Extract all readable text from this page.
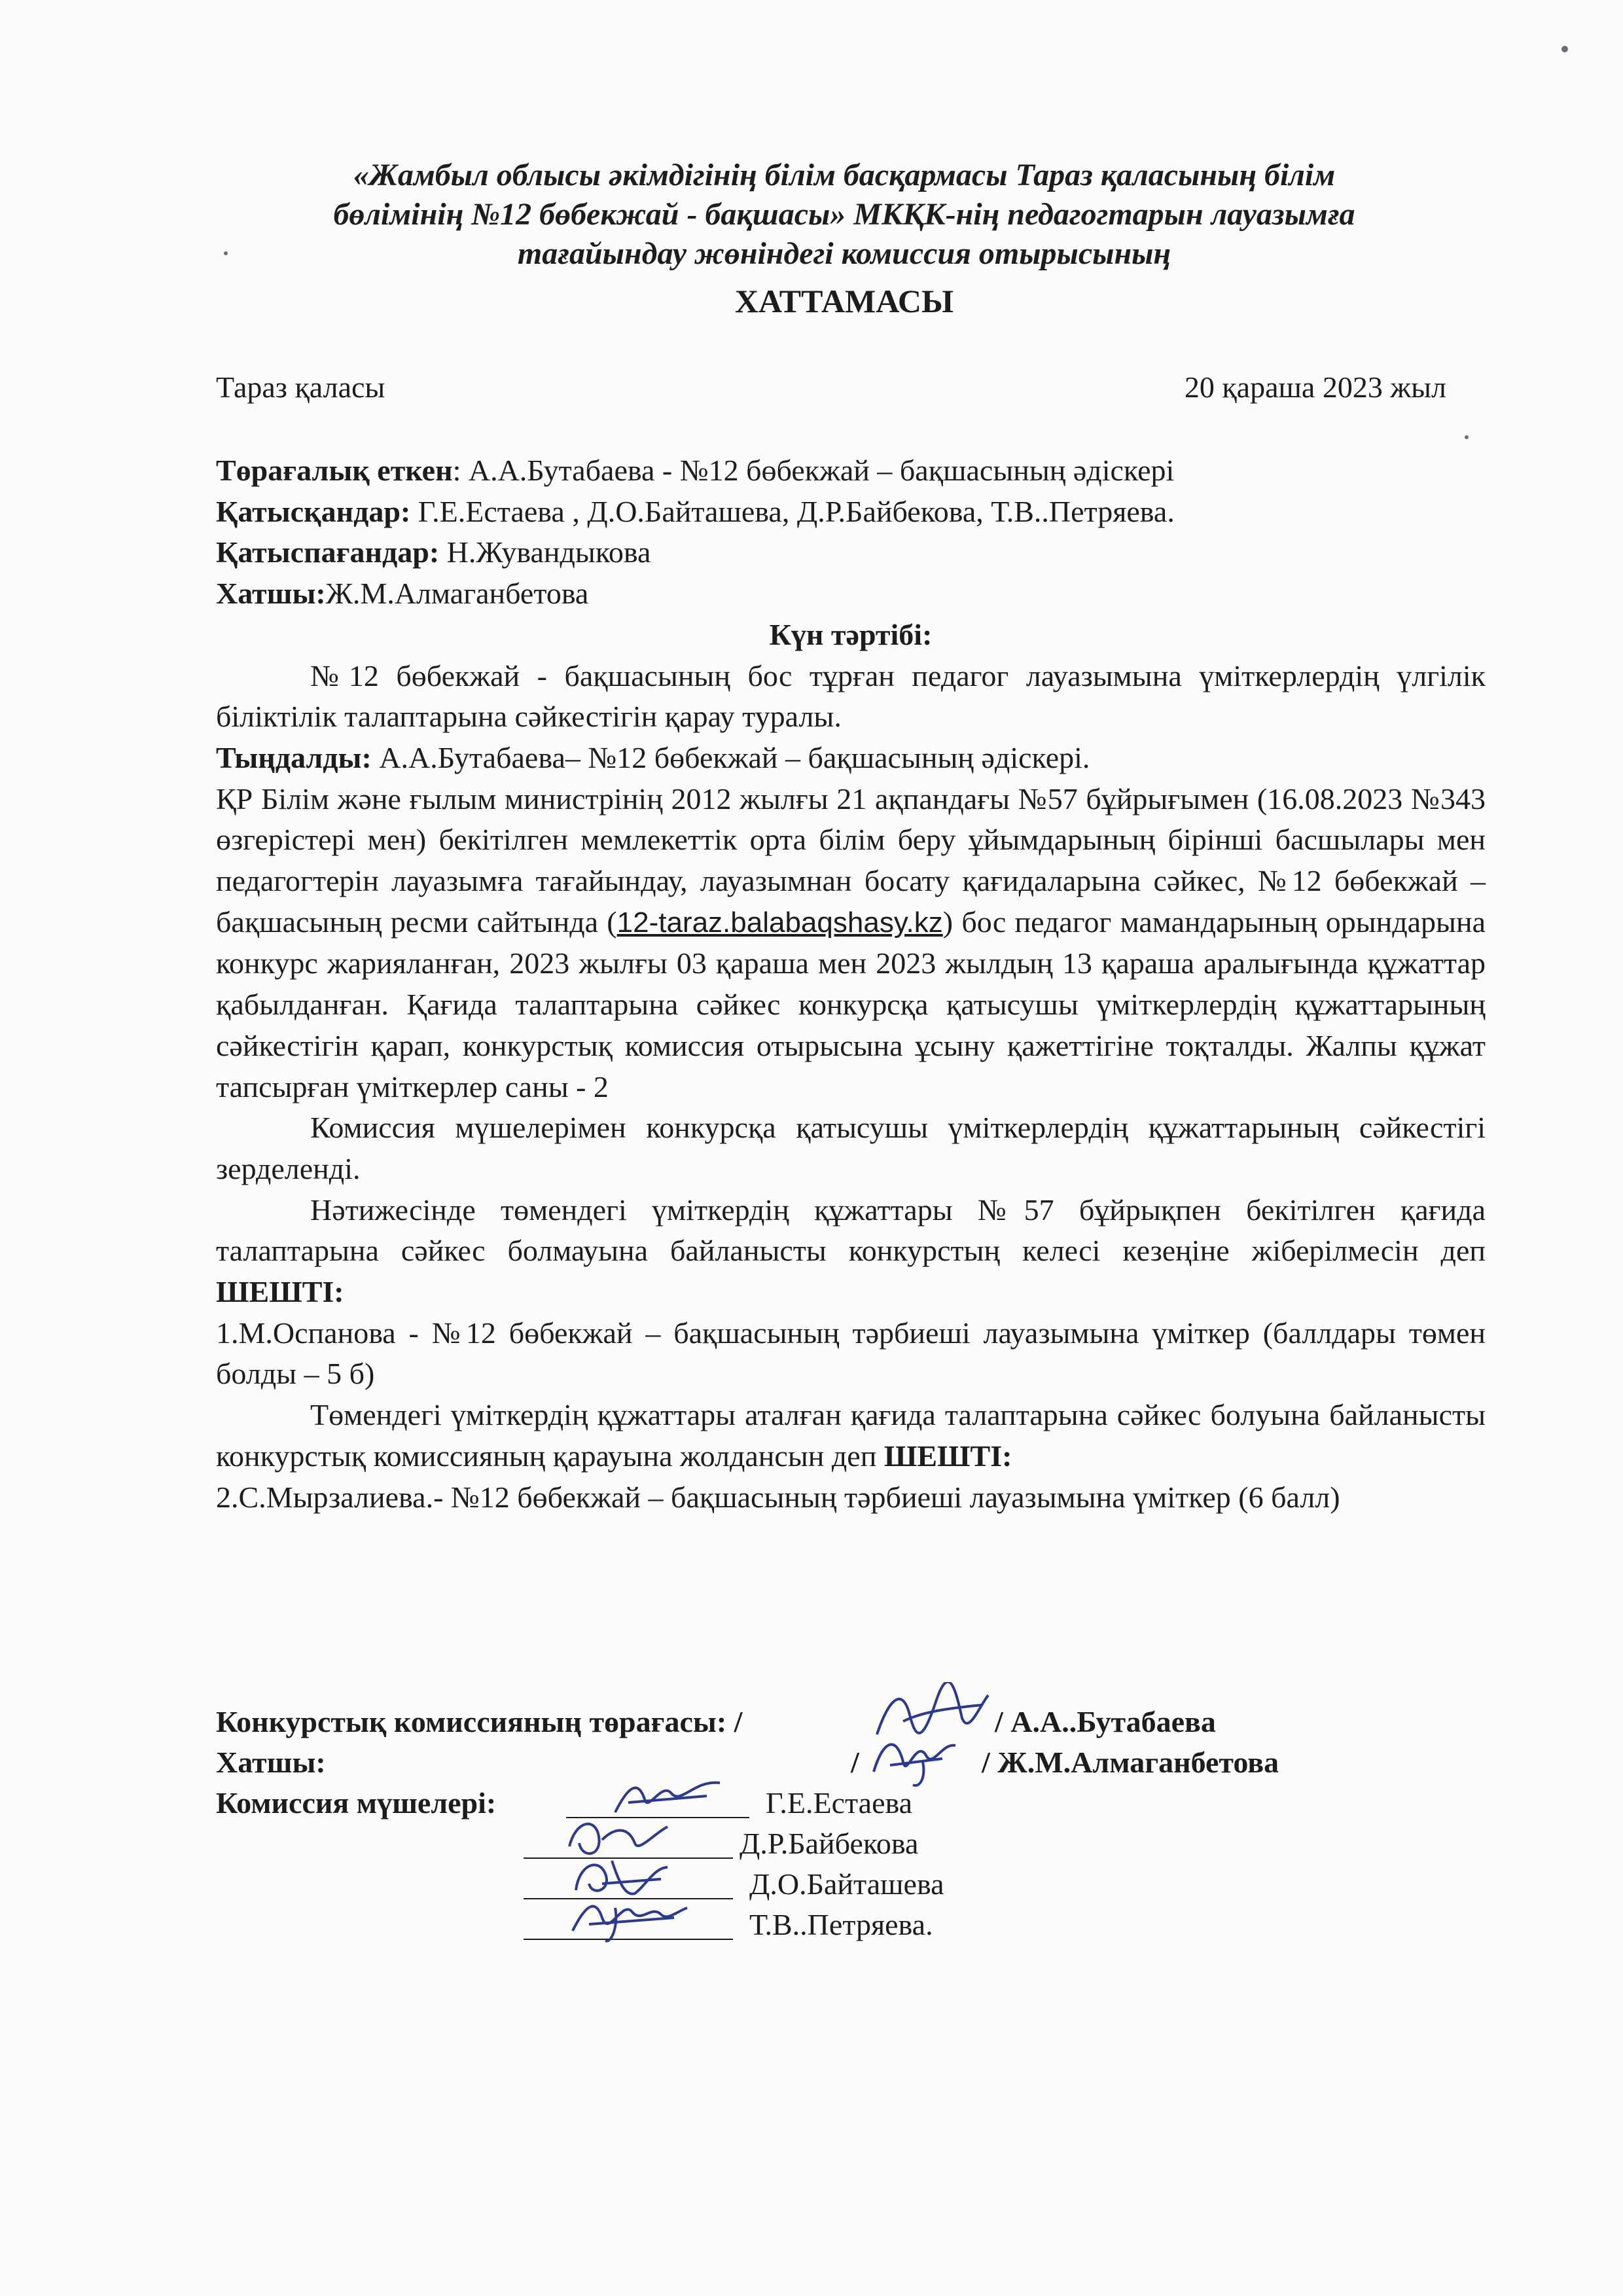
«Жамбыл облысы әкімдігінің білім басқармасы Тараз қаласының білім
бөлімінің №12 бөбекжай - бақшасы» МКҚК-нің педагогтарын лауазымға
тағайындау жөніндегі комиссия отырысының
ХАТТАМАСЫ
Тараз қаласы	20 қараша 2023 жыл

Төрағалық еткен: А.А.Бутабаева - №12 бөбекжай – бақшасының әдіскері

Қатысқандар: Г.Е.Естаева , Д.О.Байташева, Д.Р.Байбекова, Т.В..Петряева.

Қатыспағандар: Н.Жувандыкова

Хатшы:Ж.М.Алмаганбетова

Күн тәртібі:

№12 бөбекжай - бақшасының бос тұрған педагог лауазымына үміткерлердің үлгілік біліктілік талаптарына сәйкестігін қарау туралы.

Тыңдалды: А.А.Бутабаева– №12 бөбекжай – бақшасының әдіскері.

ҚР Білім және ғылым министрінің 2012 жылғы 21 ақпандағы №57 бұйрығымен (16.08.2023 №343 өзгерістері мен) бекітілген мемлекеттік орта білім беру ұйымдарының бірінші басшылары мен педагогтерін лауазымға тағайындау, лауазымнан босату қағидаларына сәйкес, №12 бөбекжай – бақшасының ресми сайтында (12-taraz.balabaqshasy.kz) бос педагог мамандарының орындарына конкурс жарияланған, 2023 жылғы 03 қараша мен 2023 жылдың 13 қараша аралығында құжаттар қабылданған. Қағида талаптарына сәйкес конкурсқа қатысушы үміткерлердің құжаттарының сәйкестігін қарап, конкурстық комиссия отырысына ұсыну қажеттігіне тоқталды. Жалпы құжат тапсырған үміткерлер саны - 2

Комиссия мүшелерімен конкурсқа қатысушы үміткерлердің құжаттарының сәйкестігі зерделенді.

Нәтижесінде төмендегі үміткердің құжаттары №57 бұйрықпен бекітілген қағида талаптарына сәйкес болмауына байланысты конкурстың келесі кезеңіне жіберілмесін деп ШЕШТІ:

1.М.Оспанова - №12 бөбекжай – бақшасының тәрбиеші лауазымына үміткер (баллдары төмен болды – 5 б)

Төмендегі үміткердің құжаттары аталған қағида талаптарына сәйкес болуына байланысты конкурстық комиссияның қарауына жолдансын деп ШЕШТІ:

2.С.Мырзалиева.- №12 бөбекжай – бақшасының тәрбиеші лауазымына үміткер (6 балл)

Конкурстық комиссияның төрағасы: /	/ А.А..Бутабаева
Хатшы:	/	/ Ж.М.Алмаганбетова
Комиссия мүшелері:	Г.Е.Естаева
Д.Р.Байбекова
Д.О.Байташева
Т.В..Петряева.
